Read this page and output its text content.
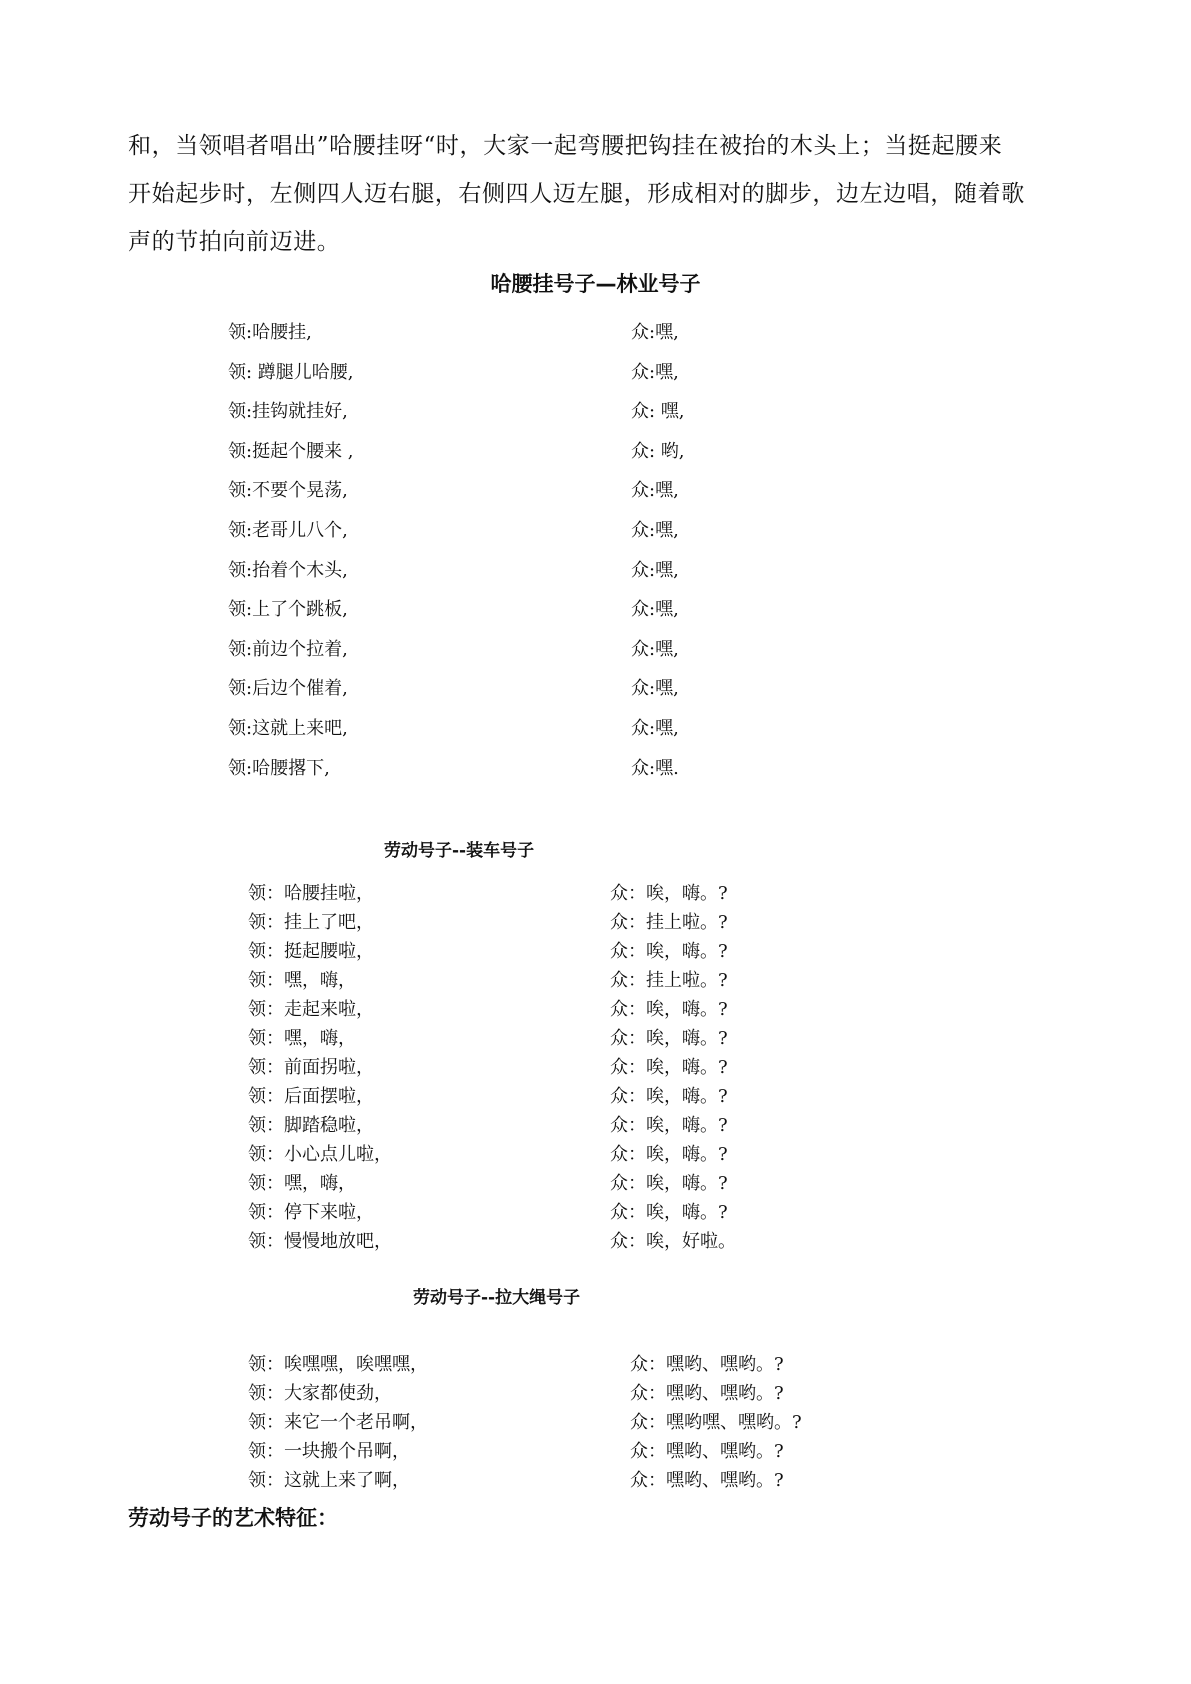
和，当领唱者唱出”哈腰挂呀“时，大家一起弯腰把钩挂在被抬的木头上；当挺起腰来
开始起步时，左侧四人迈右腿，右侧四人迈左腿，形成相对的脚步，边左边唱，随着歌
声的节拍向前迈进。
哈腰挂号子—林业号子
领:哈腰挂,	众:嘿,
领: 蹲腿儿哈腰,	众:嘿,
领:挂钩就挂好,	众: 嘿,
领:挺起个腰来 ,	众: 哟,
领:不要个晃荡,	众:嘿,
领:老哥儿八个,	众:嘿,
领:抬着个木头,	众:嘿,
领:上了个跳板,	众:嘿,
领:前边个拉着,	众:嘿,
领:后边个催着,	众:嘿,
领:这就上来吧,	众:嘿,
领:哈腰撂下,	众:嘿.
劳动号子--装车号子
领：哈腰挂啦，	众：唉，嗨。?
领：挂上了吧，	众：挂上啦。?
领：挺起腰啦，	众：唉，嗨。?
领：嘿，嗨，	众：挂上啦。?
领：走起来啦，	众：唉，嗨。?
领：嘿，嗨，	众：唉，嗨。?
领：前面拐啦，	众：唉，嗨。?
领：后面摆啦，	众：唉，嗨。?
领：脚踏稳啦，	众：唉，嗨。?
领：小心点儿啦，	众：唉，嗨。?
领：嘿，嗨，	众：唉，嗨。?
领：停下来啦，	众：唉，嗨。?
领：慢慢地放吧，	众：唉，好啦。
劳动号子--拉大绳号子
领：唉嘿嘿，唉嘿嘿，	众：嘿哟、嘿哟。?
领：大家都使劲，	众：嘿哟、嘿哟。?
领：来它一个老吊啊，	众：嘿哟嘿、嘿哟。?
领：一块搬个吊啊，	众：嘿哟、嘿哟。?
领：这就上来了啊，	众：嘿哟、嘿哟。?
劳动号子的艺术特征：
